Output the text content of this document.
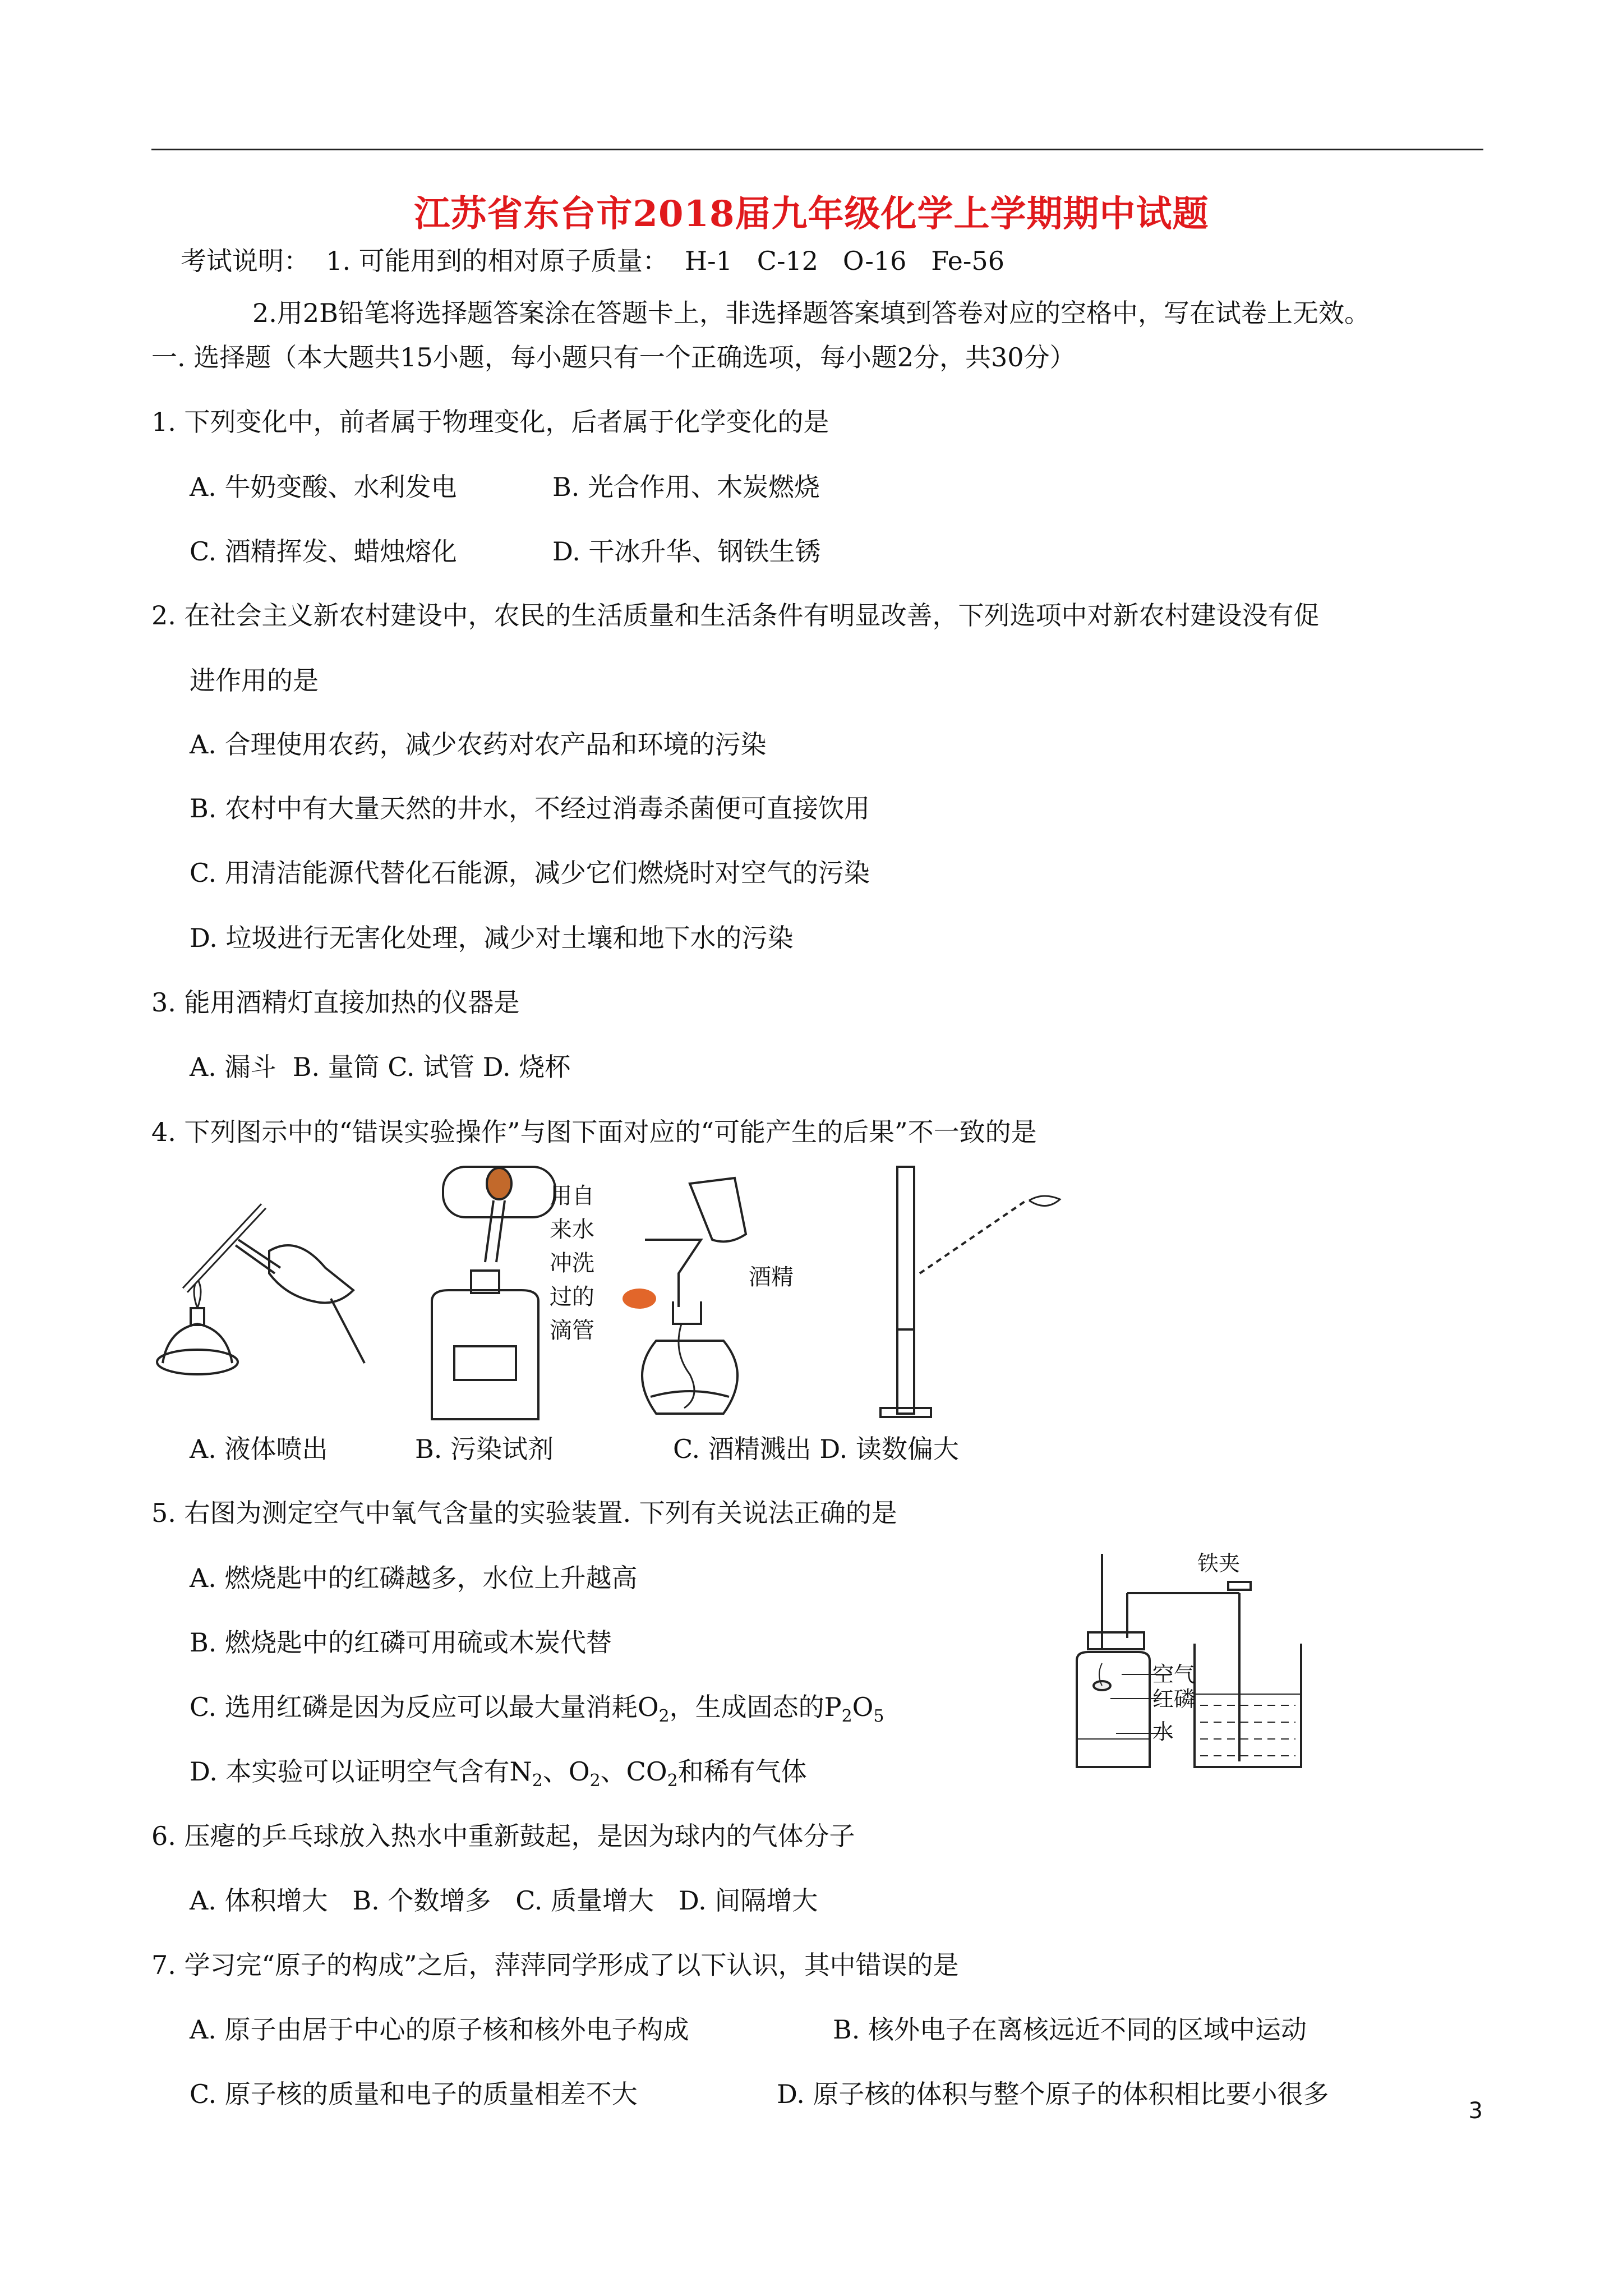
江苏省东台市2018届九年级化学上学期期中试题
考试说明：  1. 可能用到的相对原子质量：  H-1   C-12   O-16   Fe-56
2.用2B铅笔将选择题答案涂在答题卡上，非选择题答案填到答卷对应的空格中，写在试卷上无效。
一. 选择题（本大题共15小题，每小题只有一个正确选项，每小题2分，共30分）
1. 下列变化中，前者属于物理变化，后者属于化学变化的是
A. 牛奶变酸、水利发电	B. 光合作用、木炭燃烧
C. 酒精挥发、蜡烛熔化	D. 干冰升华、钢铁生锈
2. 在社会主义新农村建设中，农民的生活质量和生活条件有明显改善，下列选项中对新农村建设没有促
进作用的是
A. 合理使用农药，减少农药对农产品和环境的污染
B. 农村中有大量天然的井水，不经过消毒杀菌便可直接饮用
C. 用清洁能源代替化石能源，减少它们燃烧时对空气的污染
D. 垃圾进行无害化处理，减少对土壤和地下水的污染
3. 能用酒精灯直接加热的仪器是
A. 漏斗  B. 量筒 C. 试管 D. 烧杯
4. 下列图示中的“错误实验操作”与图下面对应的“可能产生的后果”不一致的是
用自
来水
冲洗
过的
滴管
酒精
A. 液体喷出	B. 污染试剂	C. 酒精溅出 D. 读数偏大
5. 右图为测定空气中氧气含量的实验装置. 下列有关说法正确的是
A. 燃烧匙中的红磷越多，水位上升越高
B. 燃烧匙中的红磷可用硫或木炭代替
C. 选用红磷是因为反应可以最大量消耗$O_2$，生成固态的$P_2O_5$
D. 本实验可以证明空气含有$N_2$、$O_2$、$CO_2$和稀有气体
铁夹
空气
红磷
水
6. 压瘪的乒乓球放入热水中重新鼓起，是因为球内的气体分子
A. 体积增大   B. 个数增多   C. 质量增大   D. 间隔增大
7. 学习完“原子的构成”之后，萍萍同学形成了以下认识，其中错误的是
A. 原子由居于中心的原子核和核外电子构成	B. 核外电子在离核远近不同的区域中运动
C. 原子核的质量和电子的质量相差不大	D. 原子核的体积与整个原子的体积相比要小很多
3
